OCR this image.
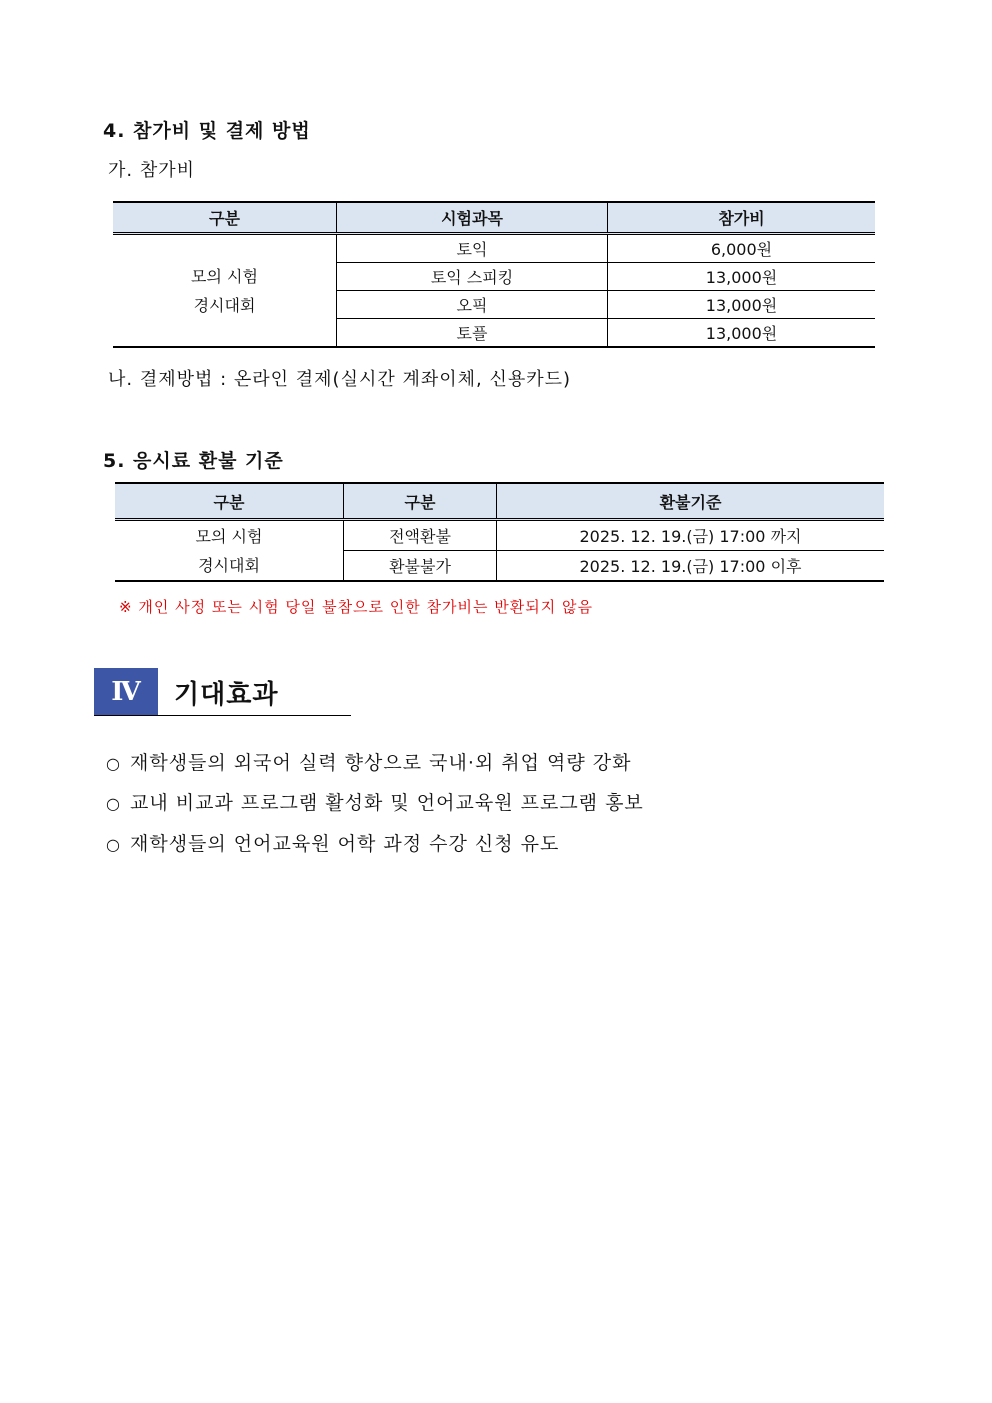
4. 참가비 및 결제 방법
가. 참가비
구분	시험과목	참가비

모의 시험
경시대회	토익	6,000원
	토익 스피킹	13,000원
	오픽	13,000원
	토플	13,000원
나. 결제방법 : 온라인 결제(실시간 계좌이체, 신용카드)
5. 응시료 환불 기준
구분	구분	환불기준

모의 시험
경시대회	전액환불	2025. 12. 19.(금) 17:00 까지
	환불불가	2025. 12. 19.(금) 17:00 이후
※ 개인 사정 또는 시험 당일 불참으로 인한 참가비는 반환되지 않음
Ⅳ 기대효과
○ 재학생들의 외국어 실력 향상으로 국내·외 취업 역량 강화
○ 교내 비교과 프로그램 활성화 및 언어교육원 프로그램 홍보
○ 재학생들의 언어교육원 어학 과정 수강 신청 유도
